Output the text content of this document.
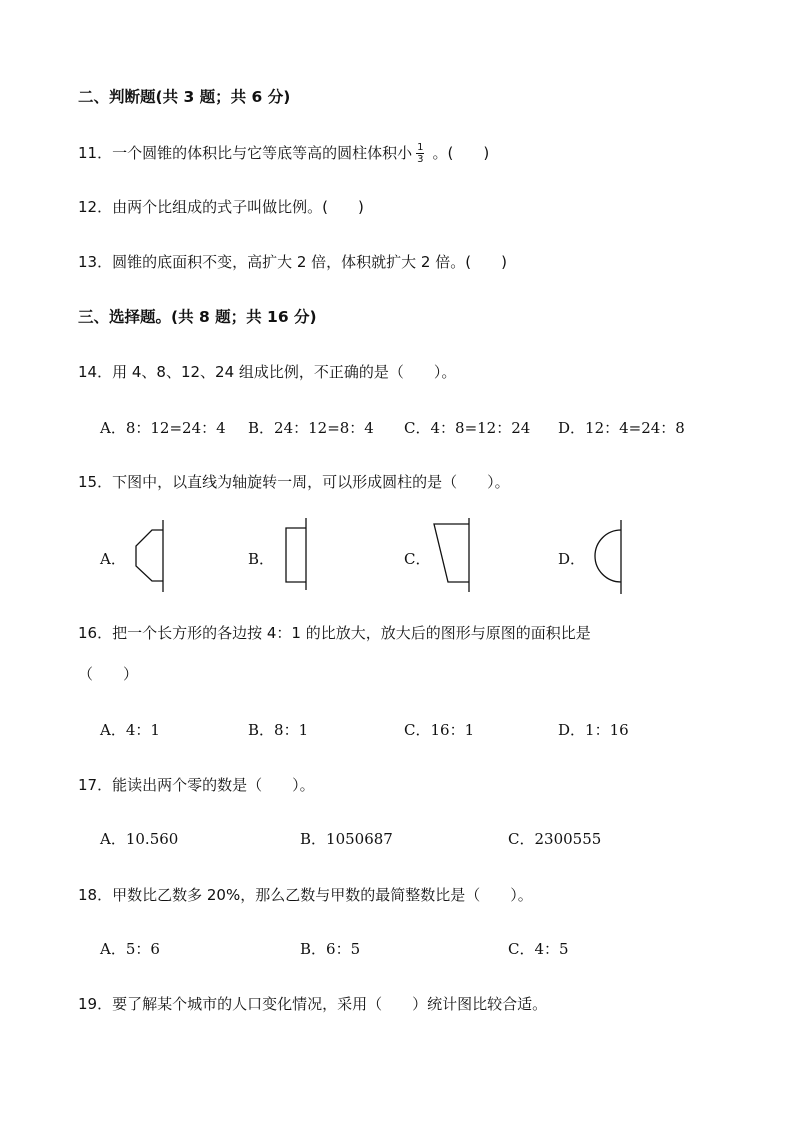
二、判断题(共 3 题；共 6 分)
11．一个圆锥的体积比与它等底等高的圆柱体积小 $\frac{1}{3}$ 。(　　)
12．由两个比组成的式子叫做比例。(　　)
13．圆锥的底面积不变，高扩大 2 倍，体积就扩大 2 倍。(　　)
三、选择题。(共 8 题；共 16 分)
14．用 4、8、12、24 组成比例，不正确的是（　　）。
A．8：12=24：4 B．24：12=8：4 C．4：8=12：24 D．12：4=24：8
15．下图中，以直线为轴旋转一周，可以形成圆柱的是（　　）。
A．	B．	C．	D．
16．把一个长方形的各边按 4：1 的比放大，放大后的图形与原图的面积比是
（　　）
A．4：1	B．8：1	C．16：1	D．1：16
17．能读出两个零的数是（　　）。
A．10.560	B．1050687	C．2300555
18．甲数比乙数多 20%，那么乙数与甲数的最简整数比是（　　）。
A．5：6	B．6：5	C．4：5
19．要了解某个城市的人口变化情况，采用（　　）统计图比较合适。
